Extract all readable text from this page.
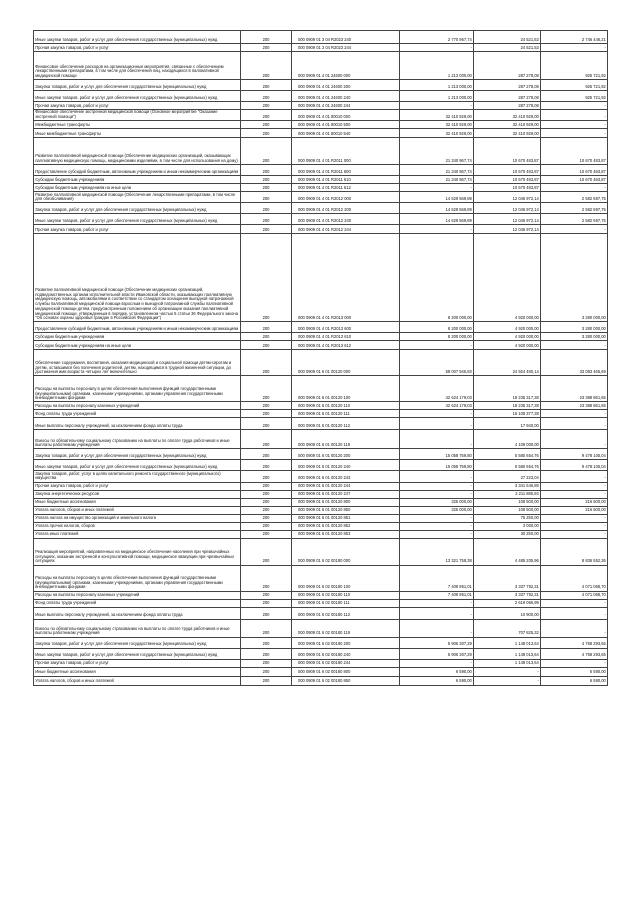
Иные закупки товаров, работ и услуг для обеспечения государственных (муниципальных) нужд	200	000 0909 01 3 04 R2023 240	2 770 967,74	24 521,53	2 746 446,21
Прочая закупка товаров, работ и услуг	200	000 0909 01 3 04 R2023 244	-	24 521,53	-
Финансовое обеспечение расходов на организационные мероприятия, связанные с обеспечением лекарственными препаратами, в том числе для обеспечения лиц, находящихся в паллиативной медицинской помощи	200	000 0909 01 4 01 24600 000	1 213 000,00	287 278,08	925 721,92
Закупка товаров, работ и услуг для обеспечения государственных (муниципальных) нужд	200	000 0909 01 4 01 24600 200	1 213 000,00	287 278,08	925 721,92
Иные закупки товаров, работ и услуг для обеспечения государственных (муниципальных) нужд	200	000 0909 01 4 01 24600 240	1 213 000,00	287 278,08	925 721,92
Прочая закупка товаров, работ и услуг	200	000 0909 01 4 01 24600 244	-	287 278,08	-
Финансовое обеспечение экстренной медицинской помощи (Основное мероприятие "Оказание экстренной помощи")	200	000 0909 01 4 01 80010 000	32 410 929,00	32 410 929,00	-
Межбюджетные трансферты	200	000 0909 01 4 01 80010 500	32 410 929,00	32 410 929,00	-
Иные межбюджетные трансферты	200	000 0909 01 4 01 80010 540	32 410 929,00	32 410 929,00	-
Развитие паллиативной медицинской помощи (Обеспечение медицинских организаций, оказывающих паллиативную медицинскую помощь, медицинскими изделиями, в том числе для использования на дому)	200	000 0909 01 4 01 R2011 000	21 340 967,74	10 670 483,87	10 670 483,87
Предоставление субсидий бюджетным, автономным учреждениям и иным некоммерческим организациям	200	000 0909 01 4 01 R2011 600	21 340 967,74	10 670 483,87	10 670 483,87
Субсидии бюджетным учреждениям	200	000 0909 01 4 01 R2011 610	21 340 967,74	10 670 483,87	10 670 483,87
Субсидии бюджетным учреждениям на иные цели	200	000 0909 01 4 01 R2011 612	-	10 670 483,87	-
Развитие паллиативной медицинской помощи (Обеспечение лекарственными препаратами, в том числе для обезболивания)	200	000 0909 01 4 01 R2012 000	14 629 569,89	12 046 972,14	2 582 597,75
Закупка товаров, работ и услуг для обеспечения государственных (муниципальных) нужд	200	000 0909 01 4 01 R2012 200	14 629 569,89	12 046 972,14	2 582 597,75
Иные закупки товаров, работ и услуг для обеспечения государственных (муниципальных) нужд	200	000 0909 01 4 01 R2012 240	14 629 569,89	12 046 972,14	2 582 597,75
Прочая закупка товаров, работ и услуг	200	000 0909 01 4 01 R2012 244	-	12 046 972,14	-
Развитие паллиативной медицинской помощи (Обеспечение медицинских организаций, подведомственных органам исполнительной власти Ивановской области, оказывающих паллиативную медицинскую помощь, автомобилями в соответствии со стандартом оснащения выездной патронажной службы паллиативной медицинской помощи взрослым и выездной патронажной службы паллиативной медицинской помощи детям, предусмотренным положением об организации оказания паллиативной медицинской помощи, утвержденным в порядке, установленном частью 5 статьи 36 Федерального закона "Об основах охраны здоровья граждан в Российской Федерации")	200	000 0909 01 4 01 R2013 000	8 200 000,00	4 920 000,00	3 280 000,00
Предоставление субсидий бюджетным, автономным учреждениям и иным некоммерческим организациям	200	000 0909 01 4 01 R2013 600	8 200 000,00	4 920 000,00	3 280 000,00
Субсидии бюджетным учреждениям	200	000 0909 01 4 01 R2013 610	8 200 000,00	4 920 000,00	3 280 000,00
Субсидии бюджетным учреждениям на иные цели	200	000 0909 01 4 01 R2013 612	-	4 920 000,00	-
Обеспечение содержания, воспитания, оказания медицинской и социальной помощи детям-сиротам и детям, оставшимся без попечения родителей, детям, находящимся в трудной жизненной ситуации, до достижения ими возраста четырех лет включительно	200	000 0909 01 6 01 00120 000	58 007 946,83	24 924 480,14	33 083 466,69
Расходы на выплаты персоналу в целях обеспечения выполнения функций государственными (муниципальными) органами, казенными учреждениями, органами управления государственными внебюджетными фондами	200	000 0909 01 6 01 00120 100	42 624 179,03	19 235 317,38	23 388 861,65
Расходы на выплаты персоналу казенных учреждений	200	000 0909 01 6 01 00120 110	42 624 179,03	19 235 317,38	23 388 861,65
Фонд оплаты труда учреждений	200	000 0909 01 6 01 00120 111	-	15 108 377,38	-
Иные выплаты персоналу учреждений, за исключением фонда оплаты труда	200	000 0909 01 6 01 00120 112	-	17 940,00	-
Взносы по обязательному социальному страхованию на выплаты по оплате труда работников и иные выплаты работникам учреждений	200	000 0909 01 6 01 00120 119	-	4 109 000,00	-
Закупка товаров, работ и услуг для обеспечения государственных (муниципальных) нужд	200	000 0909 01 6 01 00120 200	15 058 759,80	5 580 654,76	9 478 105,04
Иные закупки товаров, работ и услуг для обеспечения государственных (муниципальных) нужд	200	000 0909 01 6 01 00120 240	15 058 759,80	5 580 654,76	9 478 105,04
Закупка товаров, работ, услуг в целях капитального ремонта государственного (муниципального) имущества	200	000 0909 01 6 01 00120 243	-	27 223,04	-
Прочая закупка товаров, работ и услуг	200	000 0909 01 6 01 00120 244	-	3 341 546,88	-
Закупка энергетических ресурсов	200	000 0909 01 6 01 00120 247	-	2 211 885,84	-
Иные бюджетные ассигнования	200	000 0909 01 6 01 00120 800	325 000,00	108 500,00	216 500,00
Уплата налогов, сборов и иных платежей	200	000 0909 01 6 01 00120 850	325 000,00	108 500,00	216 500,00
Уплата налога на имущество организаций и земельного налога	200	000 0909 01 6 01 00120 851	-	75 250,00	-
Уплата прочих налогов, сборов	200	000 0909 01 6 01 00120 852	-	3 000,00	-
Уплата иных платежей	200	000 0909 01 6 01 00120 853	-	30 250,00	-
Реализация мероприятий, направленных на медицинское обеспечение населения при чрезвычайных ситуациях, оказание экстренной и консультативной помощи, медицинское эвакуации при чрезвычайных ситуациях	200	000 0909 01 6 02 00180 000	13 321 758,38	4 485 205,96	8 836 552,36
Расходы на выплаты персоналу в целях обеспечения выполнения функций государственными (муниципальными) органами, казенными учреждениями, органами управления государственными внебюджетными фондами	200	000 0909 01 6 02 00180 100	7 408 861,01	3 337 792,31	4 071 068,70
Расходы на выплаты персоналу казенных учреждений	200	000 0909 01 6 02 00180 110	7 408 861,01	3 337 792,31	4 071 068,70
Фонд оплаты труда учреждений	200	000 0909 01 6 02 00180 111	-	2 619 066,99	-
Иные выплаты персоналу учреждений, за исключением фонда оплаты труда	200	000 0909 01 6 02 00180 112	-	10 900,00	-
Взносы по обязательному социальному страхованию на выплаты по оплате труда работников и иные выплаты работникам учреждений	200	000 0909 01 6 02 00180 119	-	707 825,32	-
Закупка товаров, работ и услуг для обеспечения государственных (муниципальных) нужд	200	000 0909 01 6 02 00180 200	5 906 307,29	1 148 013,64	4 758 293,65
Иные закупки товаров, работ и услуг для обеспечения государственных (муниципальных) нужд	200	000 0909 01 6 02 00180 240	5 906 307,29	1 148 013,64	4 758 293,65
Прочая закупка товаров, работ и услуг	200	000 0909 01 6 02 00180 244	-	1 148 013,64	-
Иные бюджетные ассигнования	200	000 0909 01 6 02 00180 800	6 590,00	-	6 590,00
Уплата налогов, сборов и иных платежей	200	000 0909 01 6 02 00180 850	6 590,00	-	6 590,00
